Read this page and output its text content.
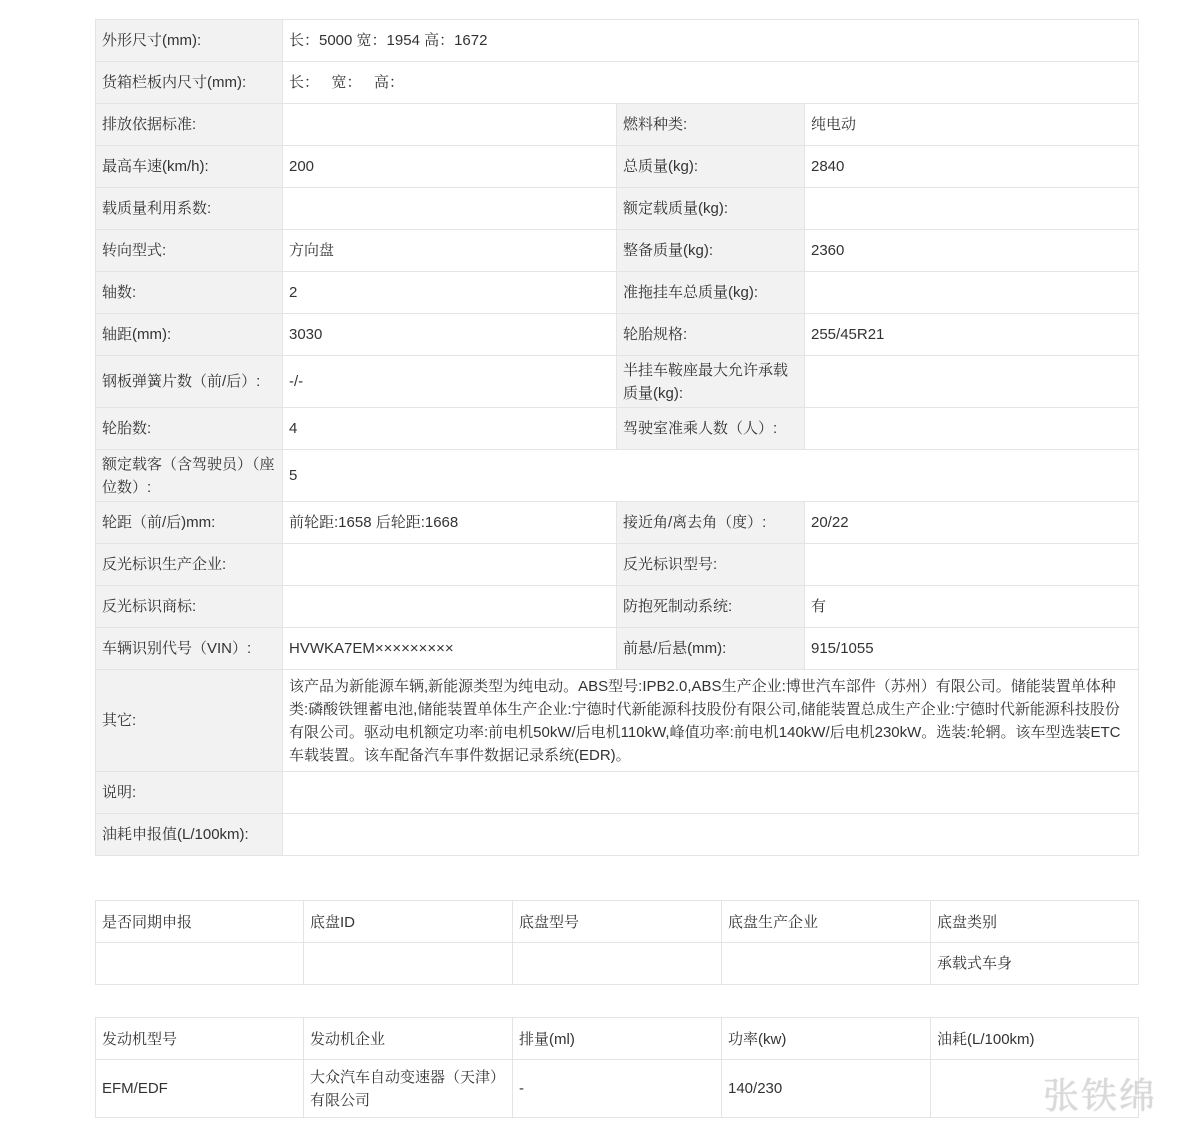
外形尺寸(mm):	长：5000 宽：1954 高：1672		
货箱栏板内尺寸(mm):	长：   宽：   高：		
排放依据标准:		燃料种类:	纯电动
最高车速(km/h):	200	总质量(kg):	2840
载质量利用系数:		额定载质量(kg):	
转向型式:	方向盘	整备质量(kg):	2360
轴数:	2	准拖挂车总质量(kg):	
轴距(mm):	3030	轮胎规格:	255/45R21
钢板弹簧片数（前/后）:	-/-	半挂车鞍座最大允许承载质量(kg):	
轮胎数:	4	驾驶室准乘人数（人）:	
额定载客（含驾驶员）（座位数）:	5		
轮距（前/后)mm:	前轮距:1658 后轮距:1668	接近角/离去角（度）:	20/22
反光标识生产企业:		反光标识型号:	
反光标识商标:		防抱死制动系统:	有
车辆识别代号（VIN）:	HVWKA7EM×××××××××	前悬/后悬(mm):	915/1055
其它:	该产品为新能源车辆,新能源类型为纯电动。ABS型号:IPB2.0,ABS生产企业:博世汽车部件（苏州）有限公司。储能装置单体种类:磷酸铁锂蓄电池,储能装置单体生产企业:宁德时代新能源科技股份有限公司,储能装置总成生产企业:宁德时代新能源科技股份有限公司。驱动电机额定功率:前电机50kW/后电机110kW,峰值功率:前电机140kW/后电机230kW。选装:轮辋。该车型选装ETC车载装置。该车配备汽车事件数据记录系统(EDR)。		
说明:			
油耗申报值(L/100km):			
是否同期申报	底盘ID	底盘型号	底盘生产企业	底盘类别
				承载式车身
发动机型号	发动机企业	排量(ml)	功率(kw)	油耗(L/100km)
EFM/EDF	大众汽车自动变速器（天津）有限公司	-	140/230		张铁绵
